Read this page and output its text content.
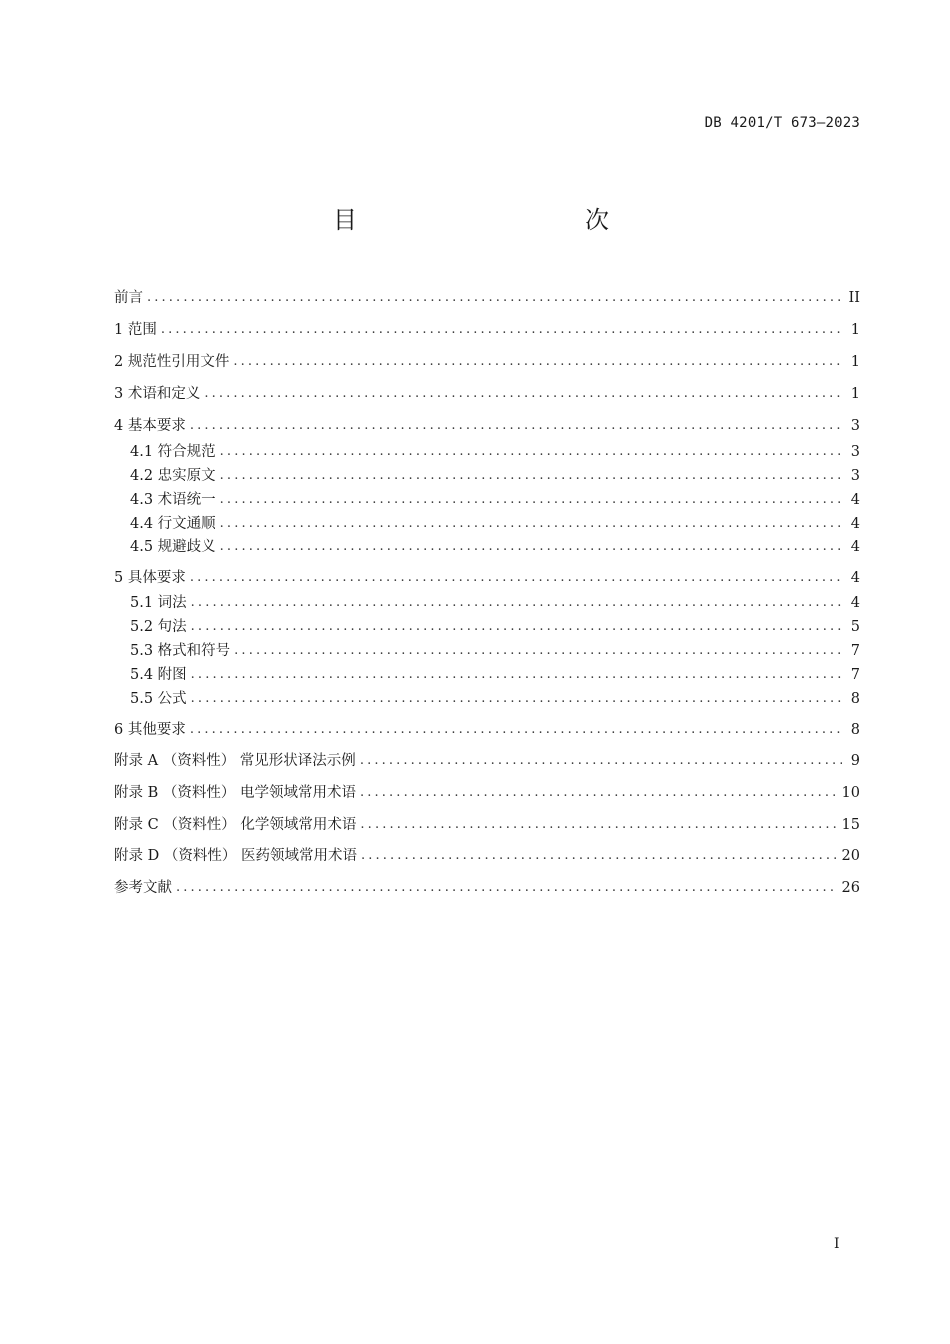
DB 4201/T 673—2023
目　　次
前言 . . .	II
1 范围 . . .	1
2 规范性引用文件 . . .	1
3 术语和定义 . . .	1
4 基本要求 . . .	3
4.1 符合规范 . . .	3
4.2 忠实原文 . . .	3
4.3 术语统一 . . .	4
4.4 行文通顺 . . .	4
4.5 规避歧义 . . .	4
5 具体要求 . . .	4
5.1 词法 . . .	4
5.2 句法 . . .	5
5.3 格式和符号 . . .	7
5.4 附图 . . .	7
5.5 公式 . . .	8
6 其他要求 . . .	8
附录 A （资料性） 常见形状译法示例 . . .	9
附录 B （资料性） 电学领域常用术语 . . .	10
附录 C （资料性） 化学领域常用术语 . . .	15
附录 D （资料性） 医药领域常用术语 . . .	20
参考文献 . . .	26
I
